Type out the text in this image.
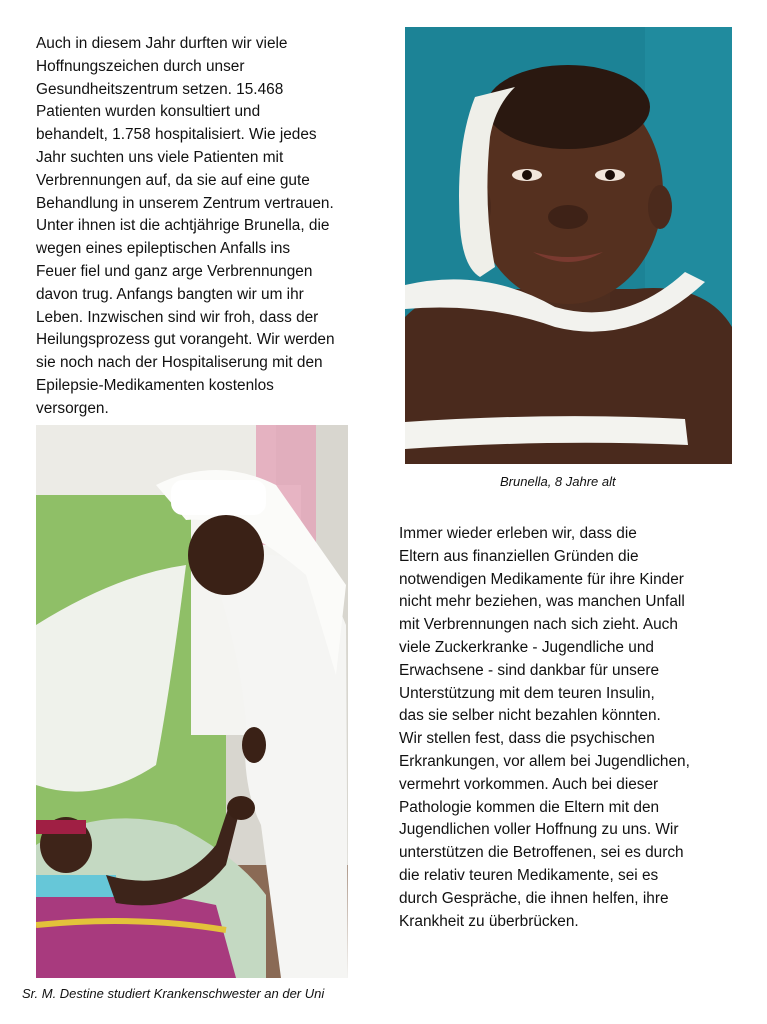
Auch in diesem Jahr durften wir viele
Hoffnungszeichen durch unser
Gesundheitszentrum setzen. 15.468
Patienten wurden konsultiert und
behandelt, 1.758 hospitalisiert. Wie jedes
Jahr suchten uns viele Patienten mit
Verbrennungen auf, da sie auf eine gute
Behandlung in unserem Zentrum vertrauen.
Unter ihnen ist die achtjährige Brunella, die
wegen eines epileptischen Anfalls ins
Feuer fiel und ganz arge Verbrennungen
davon trug. Anfangs bangten wir um ihr
Leben. Inzwischen sind wir froh, dass der
Heilungsprozess gut vorangeht. Wir werden
sie noch nach der Hospitaliserung mit den
Epilepsie-Medikamenten kostenlos
versorgen.

Brunella, 8 Jahre alt

Sr. M. Destine studiert Krankenschwester an der Uni

Immer wieder erleben wir, dass die
Eltern aus finanziellen Gründen die
notwendigen Medikamente für ihre Kinder
nicht mehr beziehen, was manchen Unfall
mit Verbrennungen nach sich zieht. Auch
viele Zuckerkranke - Jugendliche und
Erwachsene - sind dankbar für unsere
Unterstützung mit dem teuren Insulin,
das sie selber nicht bezahlen könnten.
Wir stellen fest, dass die psychischen
Erkrankungen, vor allem bei Jugendlichen,
vermehrt vorkommen. Auch bei dieser
Pathologie kommen die Eltern mit den
Jugendlichen voller Hoffnung zu uns. Wir
unterstützen die Betroffenen, sei es durch
die relativ teuren Medikamente, sei es
durch Gespräche, die ihnen helfen, ihre
Krankheit zu überbrücken.
